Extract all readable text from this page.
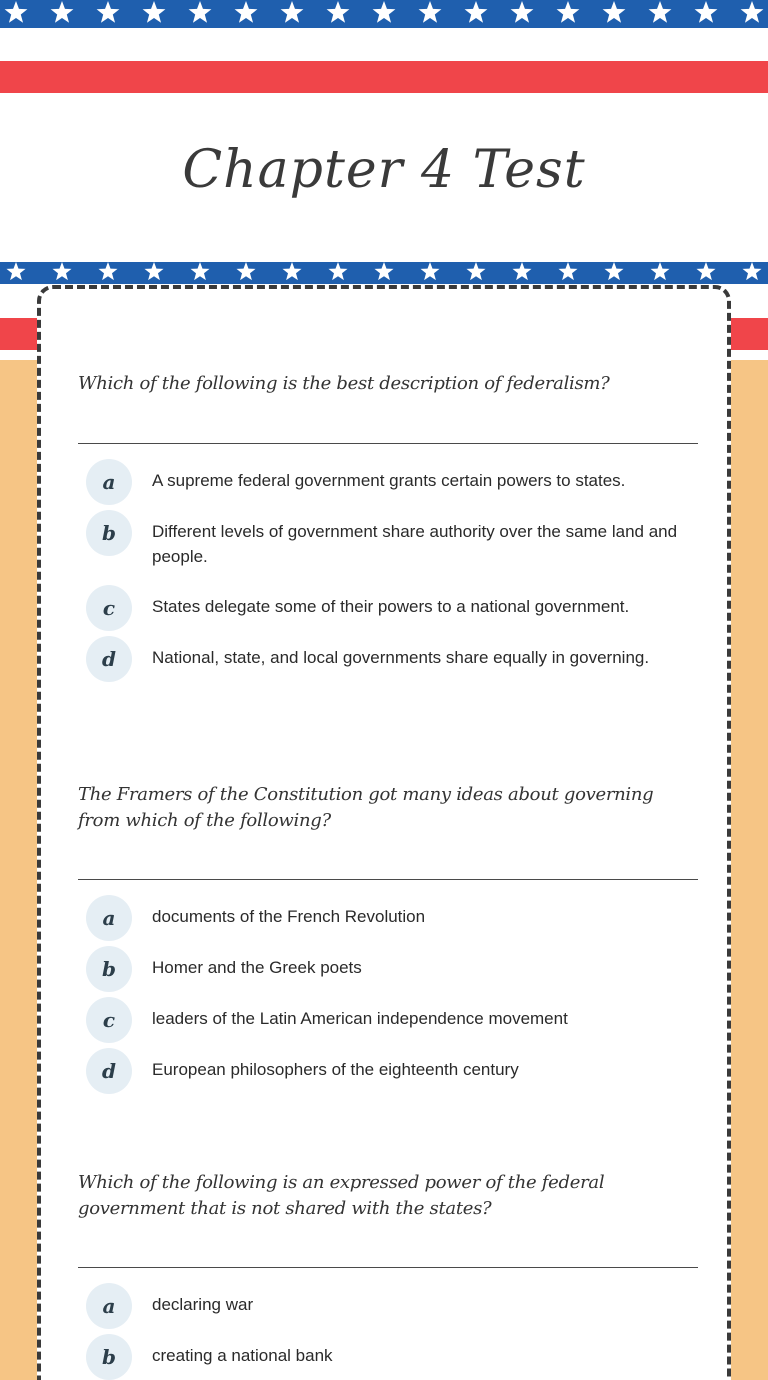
Chapter 4 Test
Which of the following is the best description of federalism?
a	A supreme federal government grants certain powers to states.
b	Different levels of government share authority over the same land and people.
c	States delegate some of their powers to a national government.
d	National, state, and local governments share equally in governing.
The Framers of the Constitution got many ideas about governing from which of the following?
a	documents of the French Revolution
b	Homer and the Greek poets
c	leaders of the Latin American independence movement
d	European philosophers of the eighteenth century
Which of the following is an expressed power of the federal government that is not shared with the states?
a	declaring war
b	creating a national bank
